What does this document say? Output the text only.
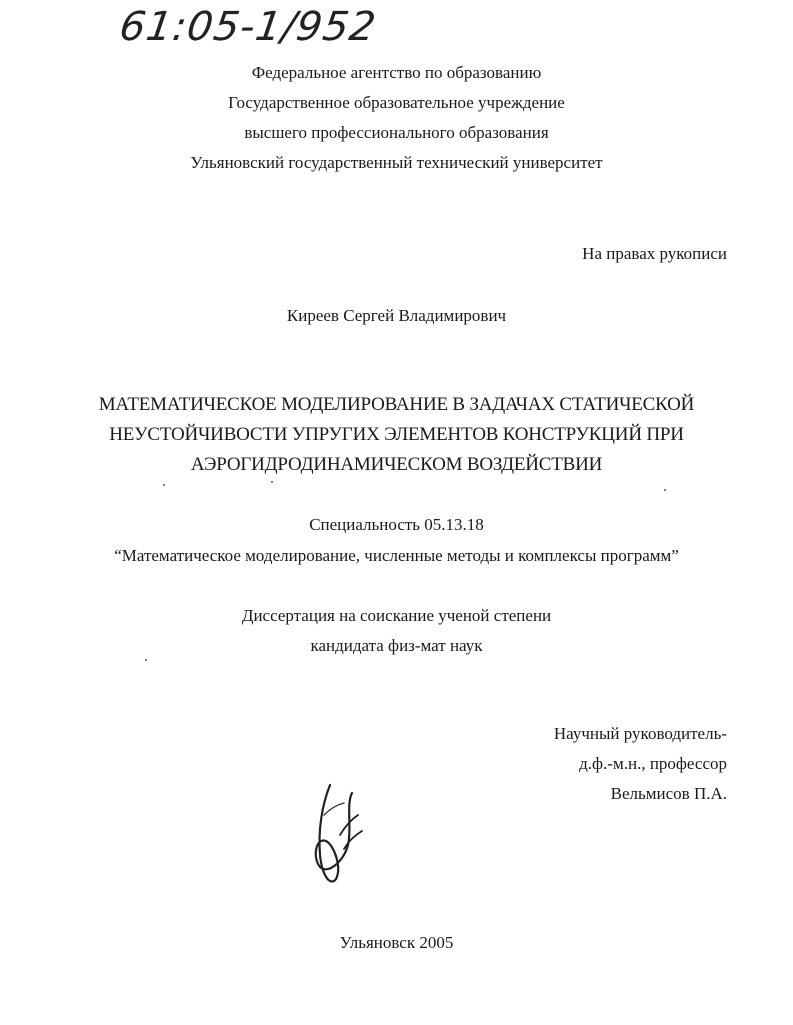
61:05-1/952
Федеральное агентство по образованию
Государственное образовательное учреждение
высшего профессионального образования
Ульяновский государственный технический университет
На правах рукописи
Киреев Сергей Владимирович
МАТЕМАТИЧЕСКОЕ МОДЕЛИРОВАНИЕ В ЗАДАЧАХ СТАТИЧЕСКОЙ
НЕУСТОЙЧИВОСТИ УПРУГИХ ЭЛЕМЕНТОВ КОНСТРУКЦИЙ ПРИ
АЭРОГИДРОДИНАМИЧЕСКОМ ВОЗДЕЙСТВИИ
Специальность 05.13.18
“Математическое моделирование, численные методы и комплексы программ”
Диссертация на соискание ученой степени
кандидата физ-мат наук
Научный руководитель-
д.ф.-м.н., профессор
Вельмисов П.А.
Ульяновск 2005
